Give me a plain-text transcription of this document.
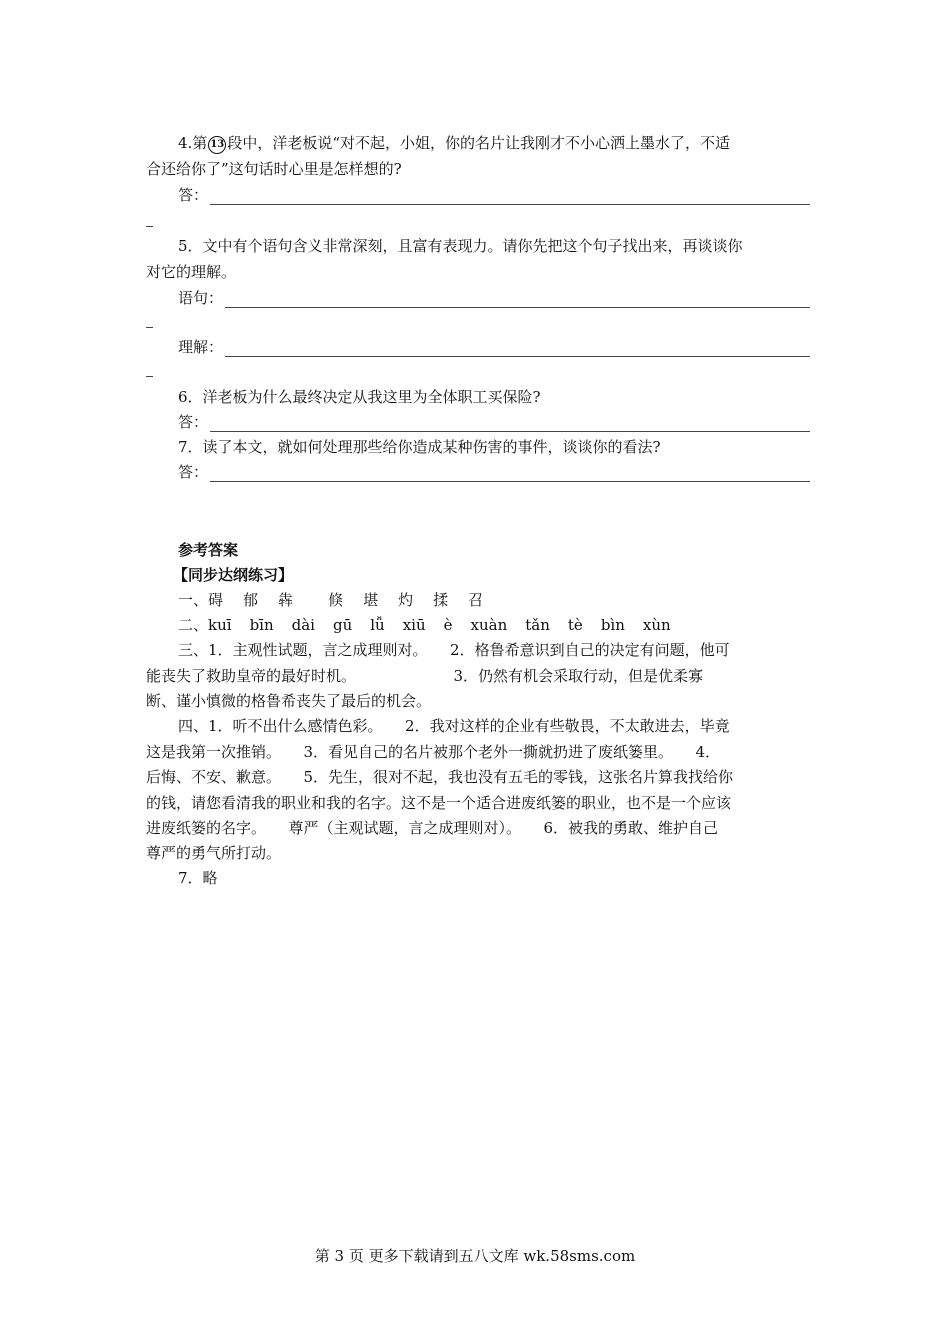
4.第 13 段中，洋老板说“对不起，小姐，你的名片让我刚才不小心洒上墨水了，不适
合还给你了”这句话时心里是怎样想的?
答：
5．文中有个语句含义非常深刻，且富有表现力。请你先把这个句子找出来，再谈谈你
对它的理解。
语句：
理解：
6．洋老板为什么最终决定从我这里为全体职工买保险?
答：
7．读了本文，就如何处理那些给你造成某种伤害的事件，谈谈你的看法?
答：
参考答案
【同步达纲练习】
一、碍 郁 犇 倏 堪 灼 揉 召
二、kuī bīn dài gū lǚ xiū è xuàn tǎn tè bìn xùn
三、1．主观性试题，言之成理则对。　　2．格鲁希意识到自己的决定有问题，他可
能丧失了救助皇帝的最好时机。　　　　　　　3．仍然有机会采取行动，但是优柔寡
断、谨小慎微的格鲁希丧失了最后的机会。
四、1．听不出什么感情色彩。　　2．我对这样的企业有些敬畏，不太敢进去，毕竟
这是我第一次推销。　　3．看见自己的名片被那个老外一撕就扔进了废纸篓里。　　4．
后悔、不安、歉意。　　5．先生，很对不起，我也没有五毛的零钱，这张名片算我找给你
的钱，请您看清我的职业和我的名字。这不是一个适合进废纸篓的职业，也不是一个应该
进废纸篓的名字。　　尊严（主观试题，言之成理则对）。　　6．被我的勇敢、维护自己
尊严的勇气所打动。
7．略
第 3 页 更多下载请到五八文库 wk.58sms.com
